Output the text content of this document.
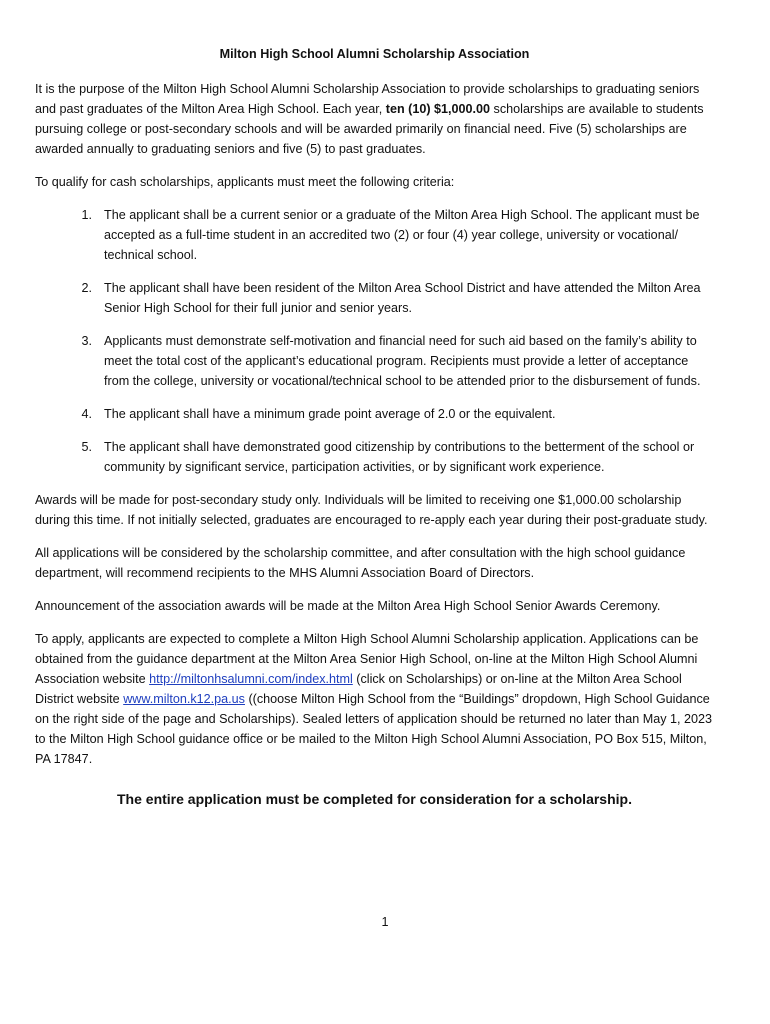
Milton High School Alumni Scholarship Association

It is the purpose of the Milton High School Alumni Scholarship Association to provide scholarships to graduating seniors and past graduates of the Milton Area High School. Each year, ten (10) $1,000.00 scholarships are available to students pursuing college or post-secondary schools and will be awarded primarily on financial need. Five (5) scholarships are awarded annually to graduating seniors and five (5) to past graduates.

To qualify for cash scholarships, applicants must meet the following criteria:

1. The applicant shall be a current senior or a graduate of the Milton Area High School. The applicant must be accepted as a full-time student in an accredited two (2) or four (4) year college, university or vocational/ technical school.
2. The applicant shall have been resident of the Milton Area School District and have attended the Milton Area Senior High School for their full junior and senior years.
3. Applicants must demonstrate self-motivation and financial need for such aid based on the family’s ability to meet the total cost of the applicant’s educational program. Recipients must provide a letter of acceptance from the college, university or vocational/technical school to be attended prior to the disbursement of funds.
4. The applicant shall have a minimum grade point average of 2.0 or the equivalent.
5. The applicant shall have demonstrated good citizenship by contributions to the betterment of the school or community by significant service, participation activities, or by significant work experience.

Awards will be made for post-secondary study only. Individuals will be limited to receiving one $1,000.00 scholarship during this time. If not initially selected, graduates are encouraged to re-apply each year during their post-graduate study.

All applications will be considered by the scholarship committee, and after consultation with the high school guidance department, will recommend recipients to the MHS Alumni Association Board of Directors.

Announcement of the association awards will be made at the Milton Area High School Senior Awards Ceremony.

To apply, applicants are expected to complete a Milton High School Alumni Scholarship application. Applications can be obtained from the guidance department at the Milton Area Senior High School, on-line at the Milton High School Alumni Association website http://miltonhsalumni.com/index.html (click on Scholarships) or on-line at the Milton Area School District website www.milton.k12.pa.us ((choose Milton High School from the “Buildings” dropdown, High School Guidance on the right side of the page and Scholarships). Sealed letters of application should be returned no later than May 1, 2023 to the Milton High School guidance office or be mailed to the Milton High School Alumni Association, PO Box 515, Milton, PA 17847.

The entire application must be completed for consideration for a scholarship.
1
